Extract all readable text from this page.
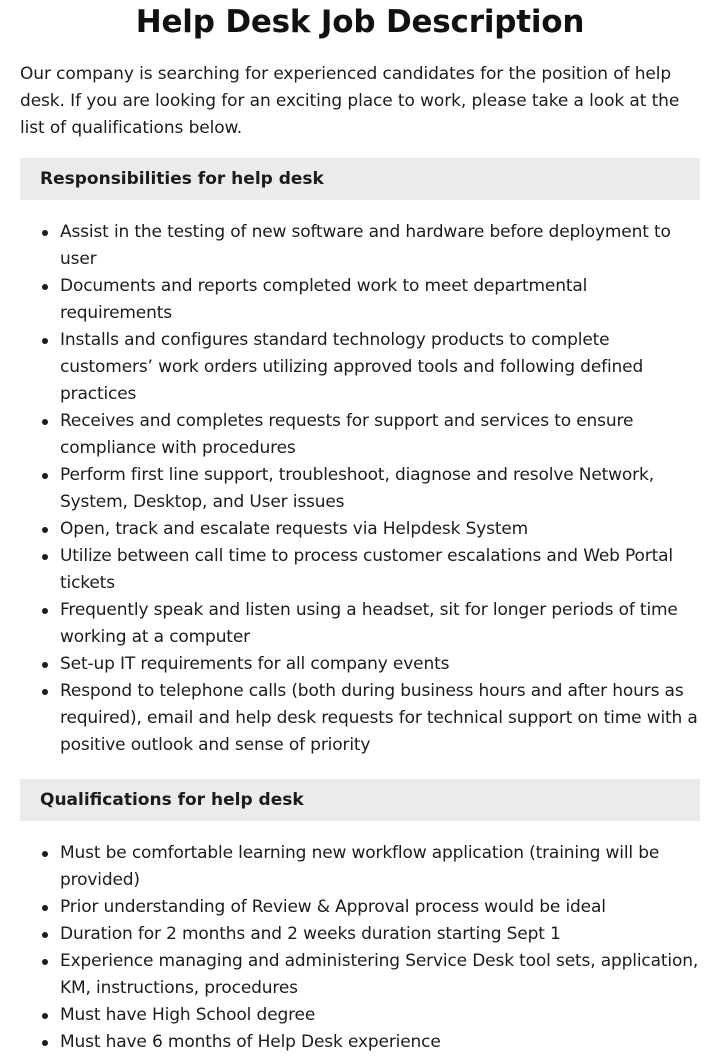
Help Desk Job Description

Our company is searching for experienced candidates for the position of help desk. If you are looking for an exciting place to work, please take a look at the list of qualifications below.

Responsibilities for help desk
Assist in the testing of new software and hardware before deployment to user
Documents and reports completed work to meet departmental requirements
Installs and configures standard technology products to complete customers’ work orders utilizing approved tools and following defined practices
Receives and completes requests for support and services to ensure compliance with procedures
Perform first line support, troubleshoot, diagnose and resolve Network, System, Desktop, and User issues
Open, track and escalate requests via Helpdesk System
Utilize between call time to process customer escalations and Web Portal tickets
Frequently speak and listen using a headset, sit for longer periods of time working at a computer
Set-up IT requirements for all company events
Respond to telephone calls (both during business hours and after hours as required), email and help desk requests for technical support on time with a positive outlook and sense of priority
Qualifications for help desk
Must be comfortable learning new workflow application (training will be provided)
Prior understanding of Review & Approval process would be ideal
Duration for 2 months and 2 weeks duration starting Sept 1
Experience managing and administering Service Desk tool sets, application, KM, instructions, procedures
Must have High School degree
Must have 6 months of Help Desk experience
